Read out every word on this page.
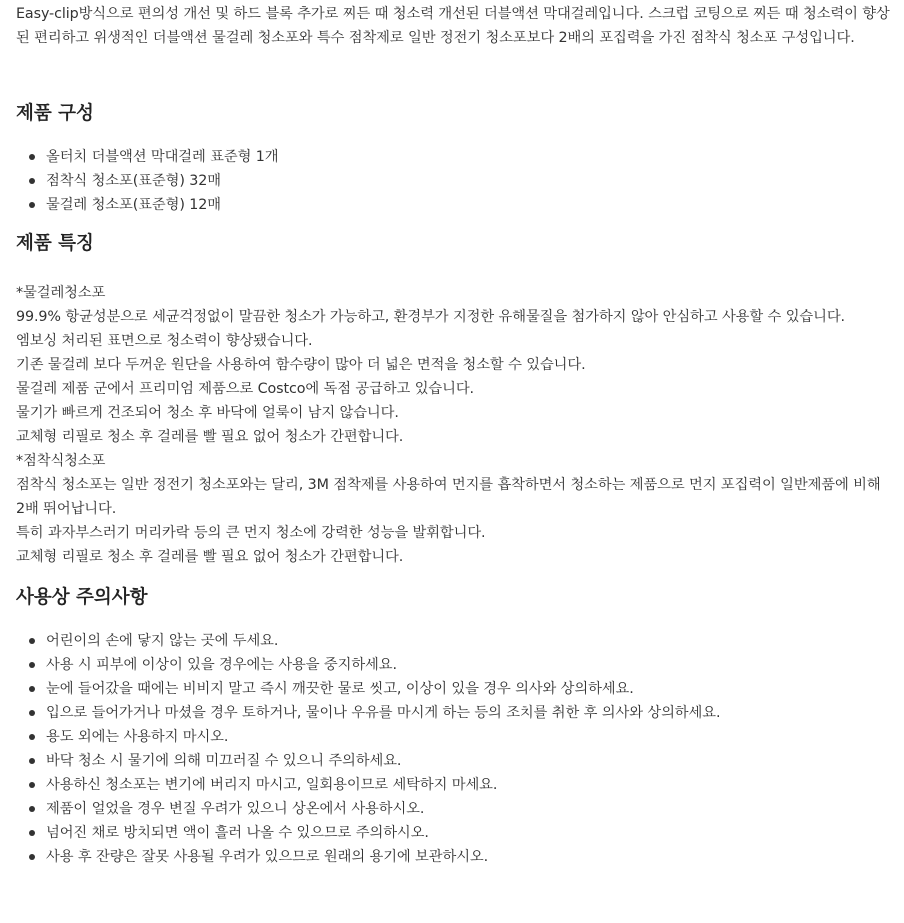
Easy-clip방식으로 편의성 개선 및 하드 블록 추가로 찌든 때 청소력 개선된 더블액션 막대걸레입니다. 스크럽 코팅으로 찌든 때 청소력이 향상된 편리하고 위생적인 더블액션 물걸레 청소포와 특수 점착제로 일반 정전기 청소포보다 2배의 포집력을 가진 점착식 청소포 구성입니다.

제품 구성
올터치 더블액션 막대걸레 표준형 1개
점착식 청소포(표준형) 32매
물걸레 청소포(표준형) 12매
제품 특징

*물걸레청소포

99.9% 항균성분으로 세균걱정없이 말끔한 청소가 가능하고, 환경부가 지정한 유해물질을 첨가하지 않아 안심하고 사용할 수 있습니다.

엠보싱 처리된 표면으로 청소력이 향상됐습니다.

기존 물걸레 보다 두꺼운 원단을 사용하여 함수량이 많아 더 넓은 면적을 청소할 수 있습니다.

물걸레 제품 군에서 프리미엄 제품으로 Costco에 독점 공급하고 있습니다.

물기가 빠르게 건조되어 청소 후 바닥에 얼룩이 남지 않습니다.

교체형 리필로 청소 후 걸레를 빨 필요 없어 청소가 간편합니다.

*점착식청소포

점착식 청소포는 일반 정전기 청소포와는 달리, 3M 점착제를 사용하여 먼지를 흡착하면서 청소하는 제품으로 먼지 포집력이 일반제품에 비해 2배 뛰어납니다.

특히 과자부스러기 머리카락 등의 큰 먼지 청소에 강력한 성능을 발휘합니다.

교체형 리필로 청소 후 걸레를 빨 필요 없어 청소가 간편합니다.

사용상 주의사항
어린이의 손에 닿지 않는 곳에 두세요.
사용 시 피부에 이상이 있을 경우에는 사용을 중지하세요.
눈에 들어갔을 때에는 비비지 말고 즉시 깨끗한 물로 씻고, 이상이 있을 경우 의사와 상의하세요.
입으로 들어가거나 마셨을 경우 토하거나, 물이나 우유를 마시게 하는 등의 조치를 취한 후 의사와 상의하세요.
용도 외에는 사용하지 마시오.
바닥 청소 시 물기에 의해 미끄러질 수 있으니 주의하세요.
사용하신 청소포는 변기에 버리지 마시고, 일회용이므로 세탁하지 마세요.
제품이 얼었을 경우 변질 우려가 있으니 상온에서 사용하시오.
넘어진 채로 방치되면 액이 흘러 나올 수 있으므로 주의하시오.
사용 후 잔량은 잘못 사용될 우려가 있으므로 원래의 용기에 보관하시오.
